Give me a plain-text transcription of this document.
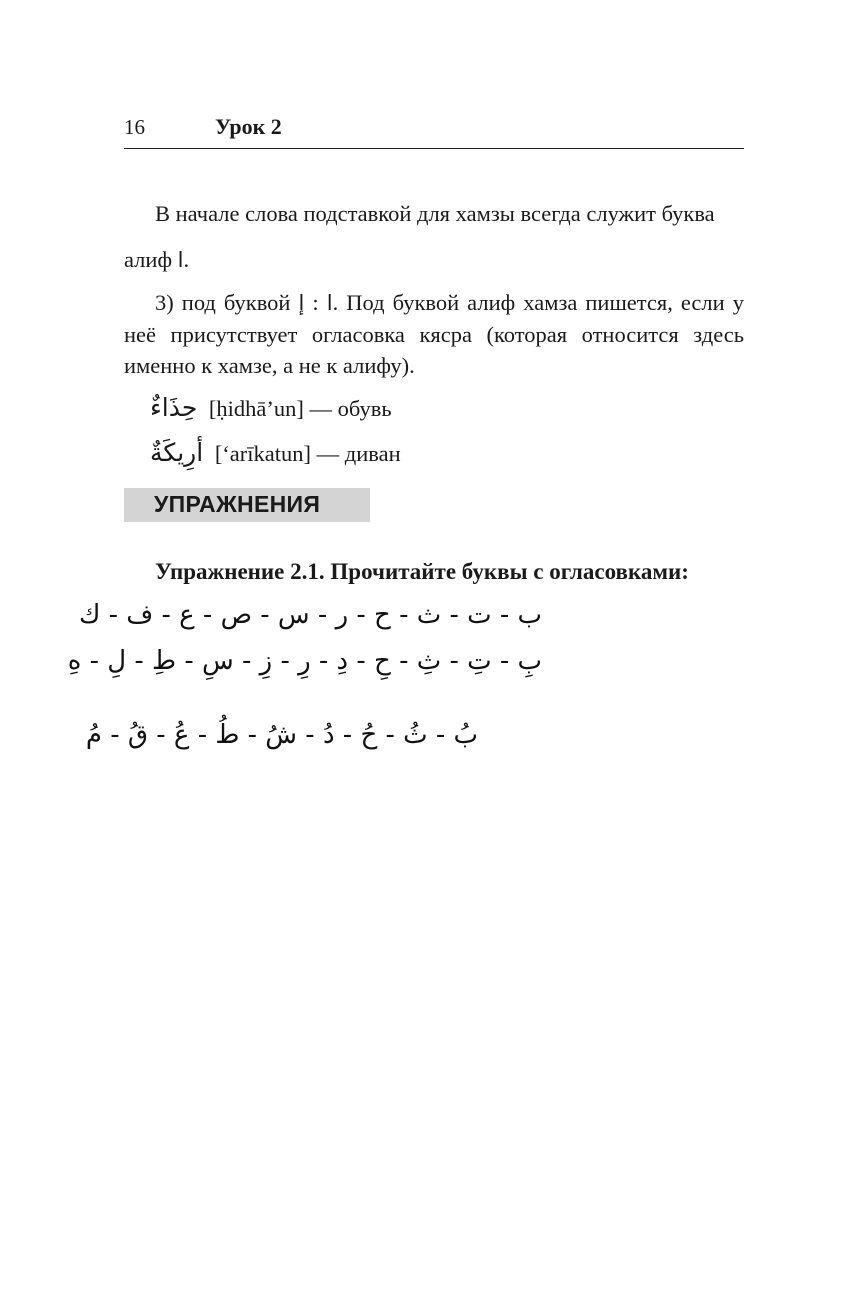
16	Урок 2

В начале слова подставкой для хамзы всегда служит буква

алиф ا.

3) под буквой إ : ا. Под буквой алиф хамза пишется, если у неё присутствует огласовка кясра (которая относится здесь именно к хамзе, а не к алифу).

حِذَاءٌ [ḥidhā’un] — обувь
أرِيكَةٌ [‘arīkatun] — диван
УПРАЖНЕНИЯ
Упражнение 2.1. Прочитайте буквы с огласовками:
ب - ت - ث - ح - ر - س - ص - ع - ف - ك
بِ - تِ - ثِ - حِ - دِ - رِ - زِ - سِ - طِ - لِ - هِ
بُ - ثُ - حُ - دُ - شُ - طُ - عُ - قُ - مُ
